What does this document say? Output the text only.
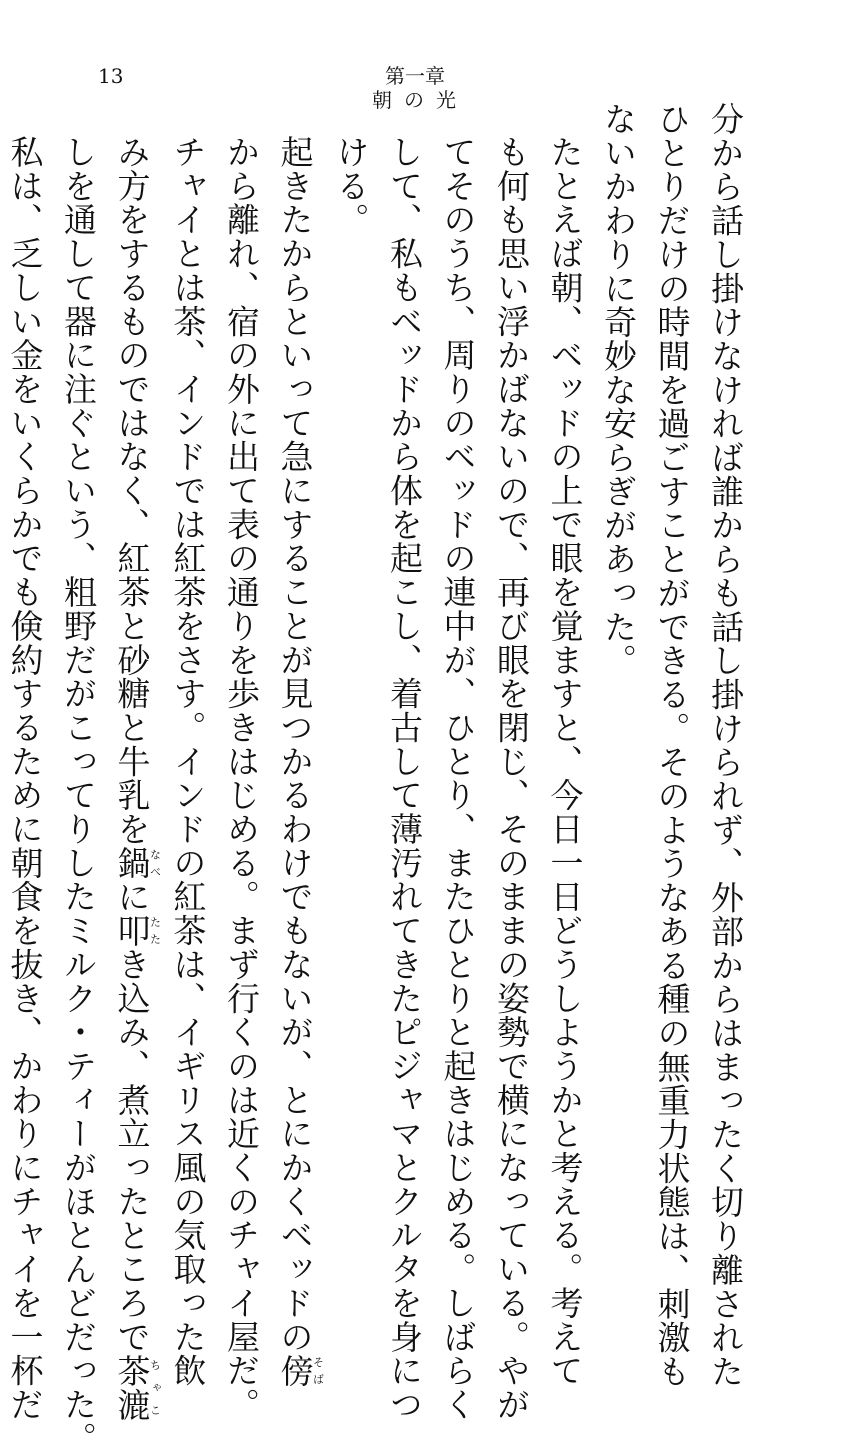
13	第一章 朝の光

分から話し掛けなければ誰からも話し掛けられず、外部からはまったく切り離された
ひとりだけの時間を過ごすことができる。そのようなある種の無重力状態は、刺激も
ないかわりに奇妙な安らぎがあった。

たとえば朝、ベッドの上で眼を覚ますと、今日一日どうしようかと考える。考えて
も何も思い浮かばないので、再び眼を閉じ、そのままの姿勢で横になっている。やが
てそのうち、周りのベッドの連中が、ひとり、またひとりと起きはじめる。しばらく
して、私もベッドから体を起こし、着古して薄汚れてきたピジャマとクルタを身につ
ける。

起きたからといって急にすることが見つかるわけでもないが、とにかくベッドの傍そば
から離れ、宿の外に出て表の通りを歩きはじめる。まず行くのは近くのチャイ屋だ。

チャイとは茶、インドでは紅茶をさす。インドの紅茶は、イギリス風の気取った飲
み方をするものではなく、紅茶と砂糖と牛乳を鍋なべに叩たたき込み、煮立ったところで茶漉ちゃこ
しを通して器に注ぐという、粗野だがこってりしたミルク・ティーがほとんどだった。
私は、乏しい金をいくらかでも倹約するために朝食を抜き、かわりにチャイを一杯だ
